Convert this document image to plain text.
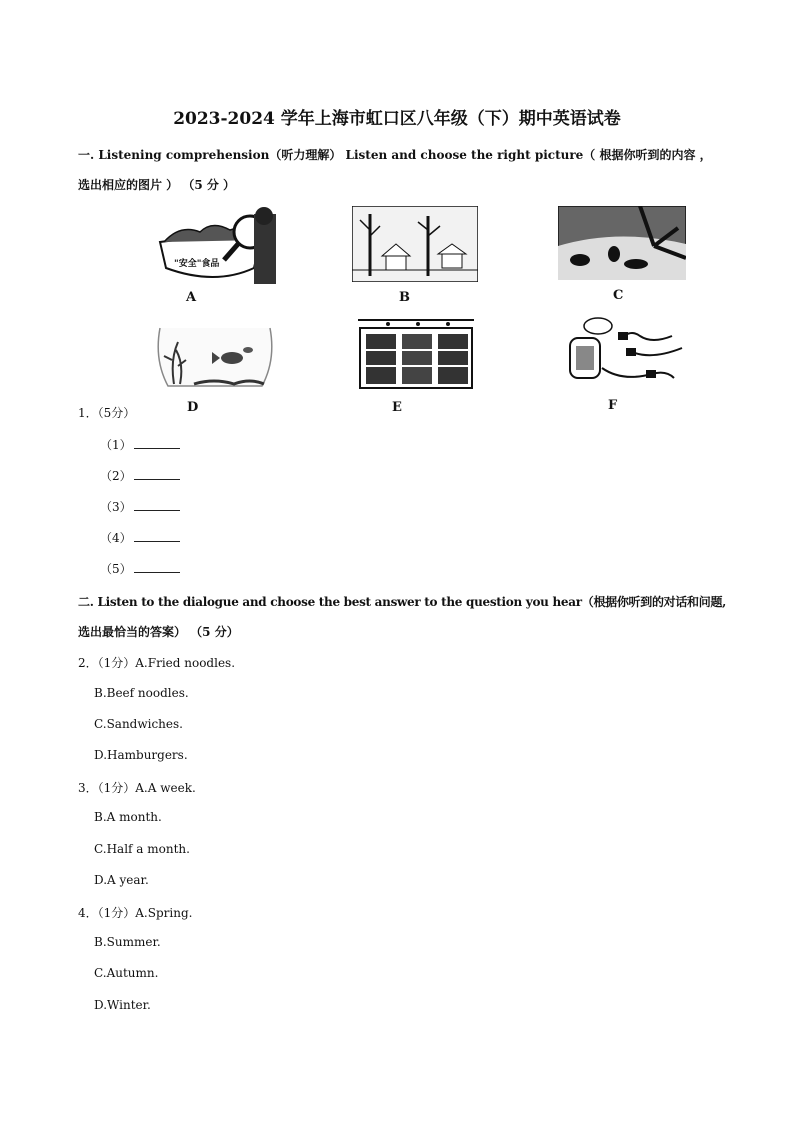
2023-2024 学年上海市虹口区八年级（下）期中英语试卷
一. Listening comprehension（听力理解） Listen and choose the right picture（ 根据你听到的内容 ，
选出相应的图片 ） （5 分 ）
"安全"食品
A	B	C
D	E	F
1．（5分）
（1）
（2）
（3）
（4）
（5）
二. Listen to the dialogue and choose the best answer to the question you hear（根据你听到的对话和问题,
选出最恰当的答案） （5 分）
2．（1分）A.Fried noodles.
B.Beef noodles.
C.Sandwiches.
D.Hamburgers.
3．（1分）A.A week.
B.A month.
C.Half a month.
D.A year.
4．（1分）A.Spring.
B.Summer.
C.Autumn.
D.Winter.
